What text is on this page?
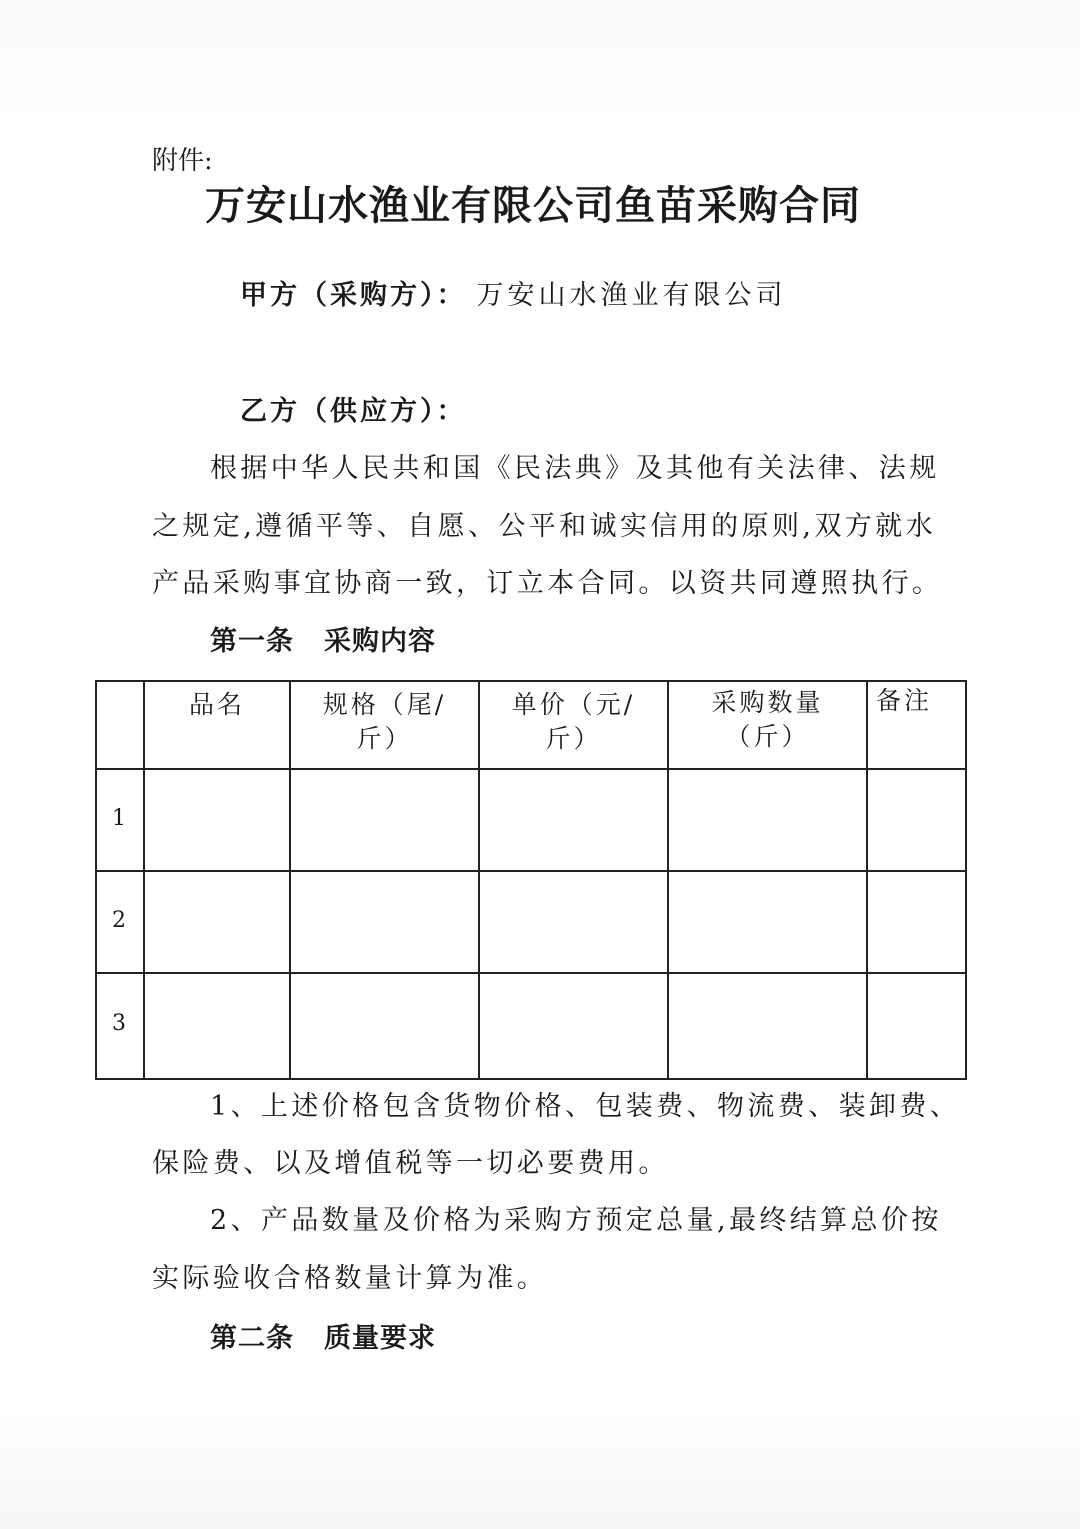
附件:
万安山水渔业有限公司鱼苗采购合同
甲方（采购方）： 万安山水渔业有限公司
乙方（供应方）：
根据中华人民共和国《民法典》及其他有关法律、法规
之规定,遵循平等、自愿、公平和诚实信用的原则,双方就水
产品采购事宜协商一致，订立本合同。以资共同遵照执行。
第一条 采购内容
品名	规格（尾/
斤）
单价（元/
斤）
采购数量
（斤）
备注
1
2
3
1、上述价格包含货物价格、包装费、物流费、装卸费、
保险费、以及增值税等一切必要费用。
2、产品数量及价格为采购方预定总量,最终结算总价按
实际验收合格数量计算为准。
第二条 质量要求
